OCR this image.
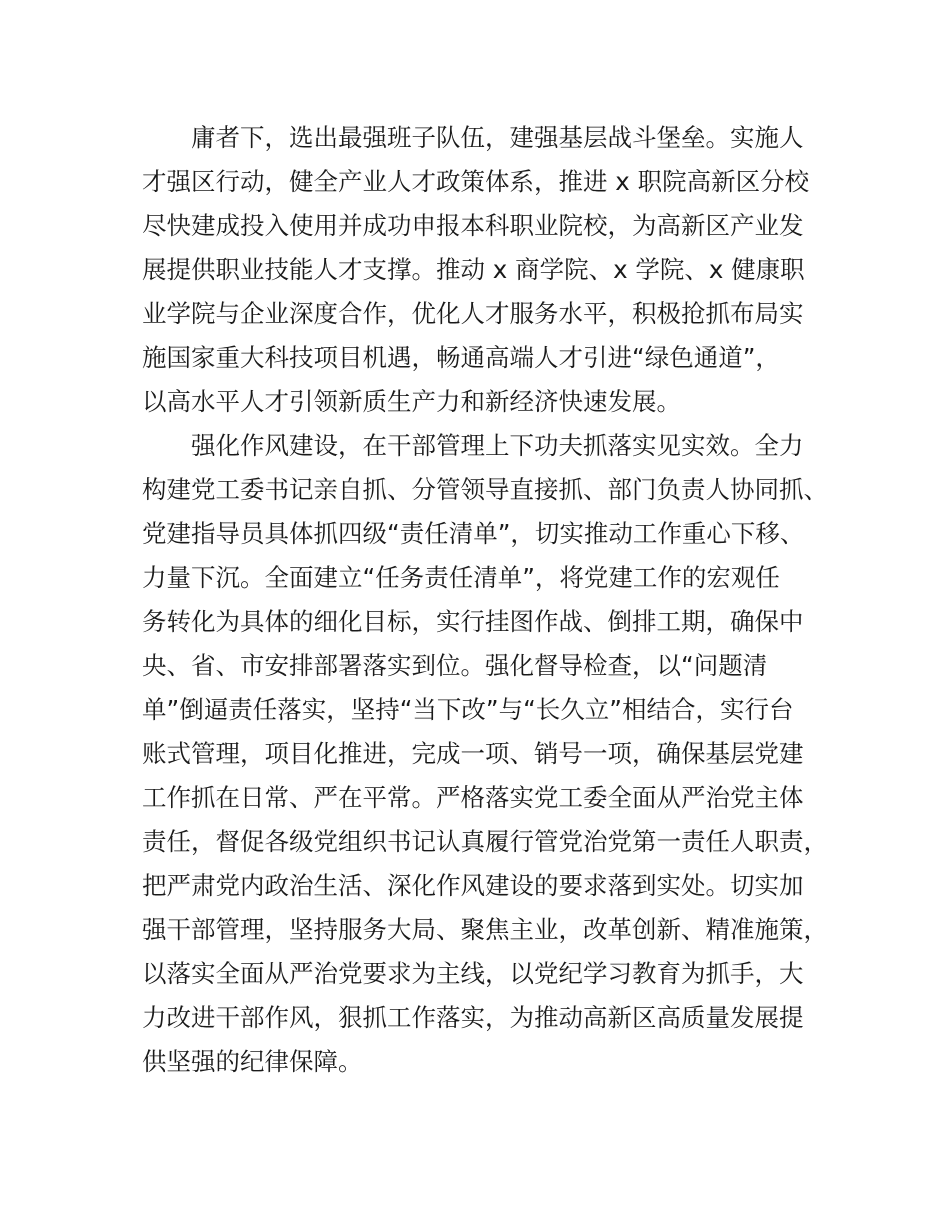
庸者下，选出最强班子队伍，建强基层战斗堡垒。实施人
才强区行动，健全产业人才政策体系，推进 x 职院高新区分校
尽快建成投入使用并成功申报本科职业院校，为高新区产业发
展提供职业技能人才支撑。推动 x 商学院、x 学院、x 健康职
业学院与企业深度合作，优化人才服务水平，积极抢抓布局实
施国家重大科技项目机遇，畅通高端人才引进“绿色通道”，
以高水平人才引领新质生产力和新经济快速发展。
强化作风建设，在干部管理上下功夫抓落实见实效。全力
构建党工委书记亲自抓、分管领导直接抓、部门负责人协同抓、
党建指导员具体抓四级“责任清单”，切实推动工作重心下移、
力量下沉。全面建立“任务责任清单”，将党建工作的宏观任
务转化为具体的细化目标，实行挂图作战、倒排工期，确保中
央、省、市安排部署落实到位。强化督导检查，以“问题清
单”倒逼责任落实，坚持“当下改”与“长久立”相结合，实行台
账式管理，项目化推进，完成一项、销号一项，确保基层党建
工作抓在日常、严在平常。严格落实党工委全面从严治党主体
责任，督促各级党组织书记认真履行管党治党第一责任人职责，
把严肃党内政治生活、深化作风建设的要求落到实处。切实加
强干部管理，坚持服务大局、聚焦主业，改革创新、精准施策，
以落实全面从严治党要求为主线，以党纪学习教育为抓手，大
力改进干部作风，狠抓工作落实，为推动高新区高质量发展提
供坚强的纪律保障。
